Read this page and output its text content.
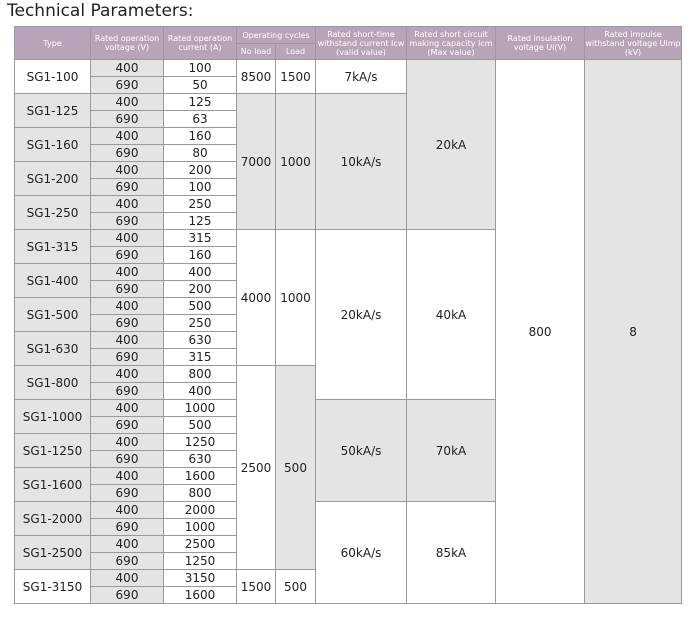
Technical Parameters:
Type	Rated operation voltage (V)	Rated operation current (A)	Operating cycles		Rated short-time withstand current Icw (valid value)	Rated short circuit making capacity Icm (Max value)	Rated insulation voltage Ui(V)	Rated impulse withstand voltage Uimp (kV)
			No load	Load				
SG1-100	400	100	8500	1500	7kA/s	20kA	800	8
	690	50						
SG1-125	400	125	7000	1000	10kA/s			
	690	63						
SG1-160	400	160						
	690	80						
SG1-200	400	200						
	690	100						
SG1-250	400	250						
	690	125						
SG1-315	400	315	4000	1000	20kA/s	40kA		
	690	160						
SG1-400	400	400						
	690	200						
SG1-500	400	500						
	690	250						
SG1-630	400	630						
	690	315						
SG1-800	400	800	2500	500				
	690	400						
SG1-1000	400	1000			50kA/s	70kA		
	690	500						
SG1-1250	400	1250						
	690	630						
SG1-1600	400	1600						
	690	800						
SG1-2000	400	2000			60kA/s	85kA		
	690	1000						
SG1-2500	400	2500						
	690	1250						
SG1-3150	400	3150	1500	500				
	690	1600						
